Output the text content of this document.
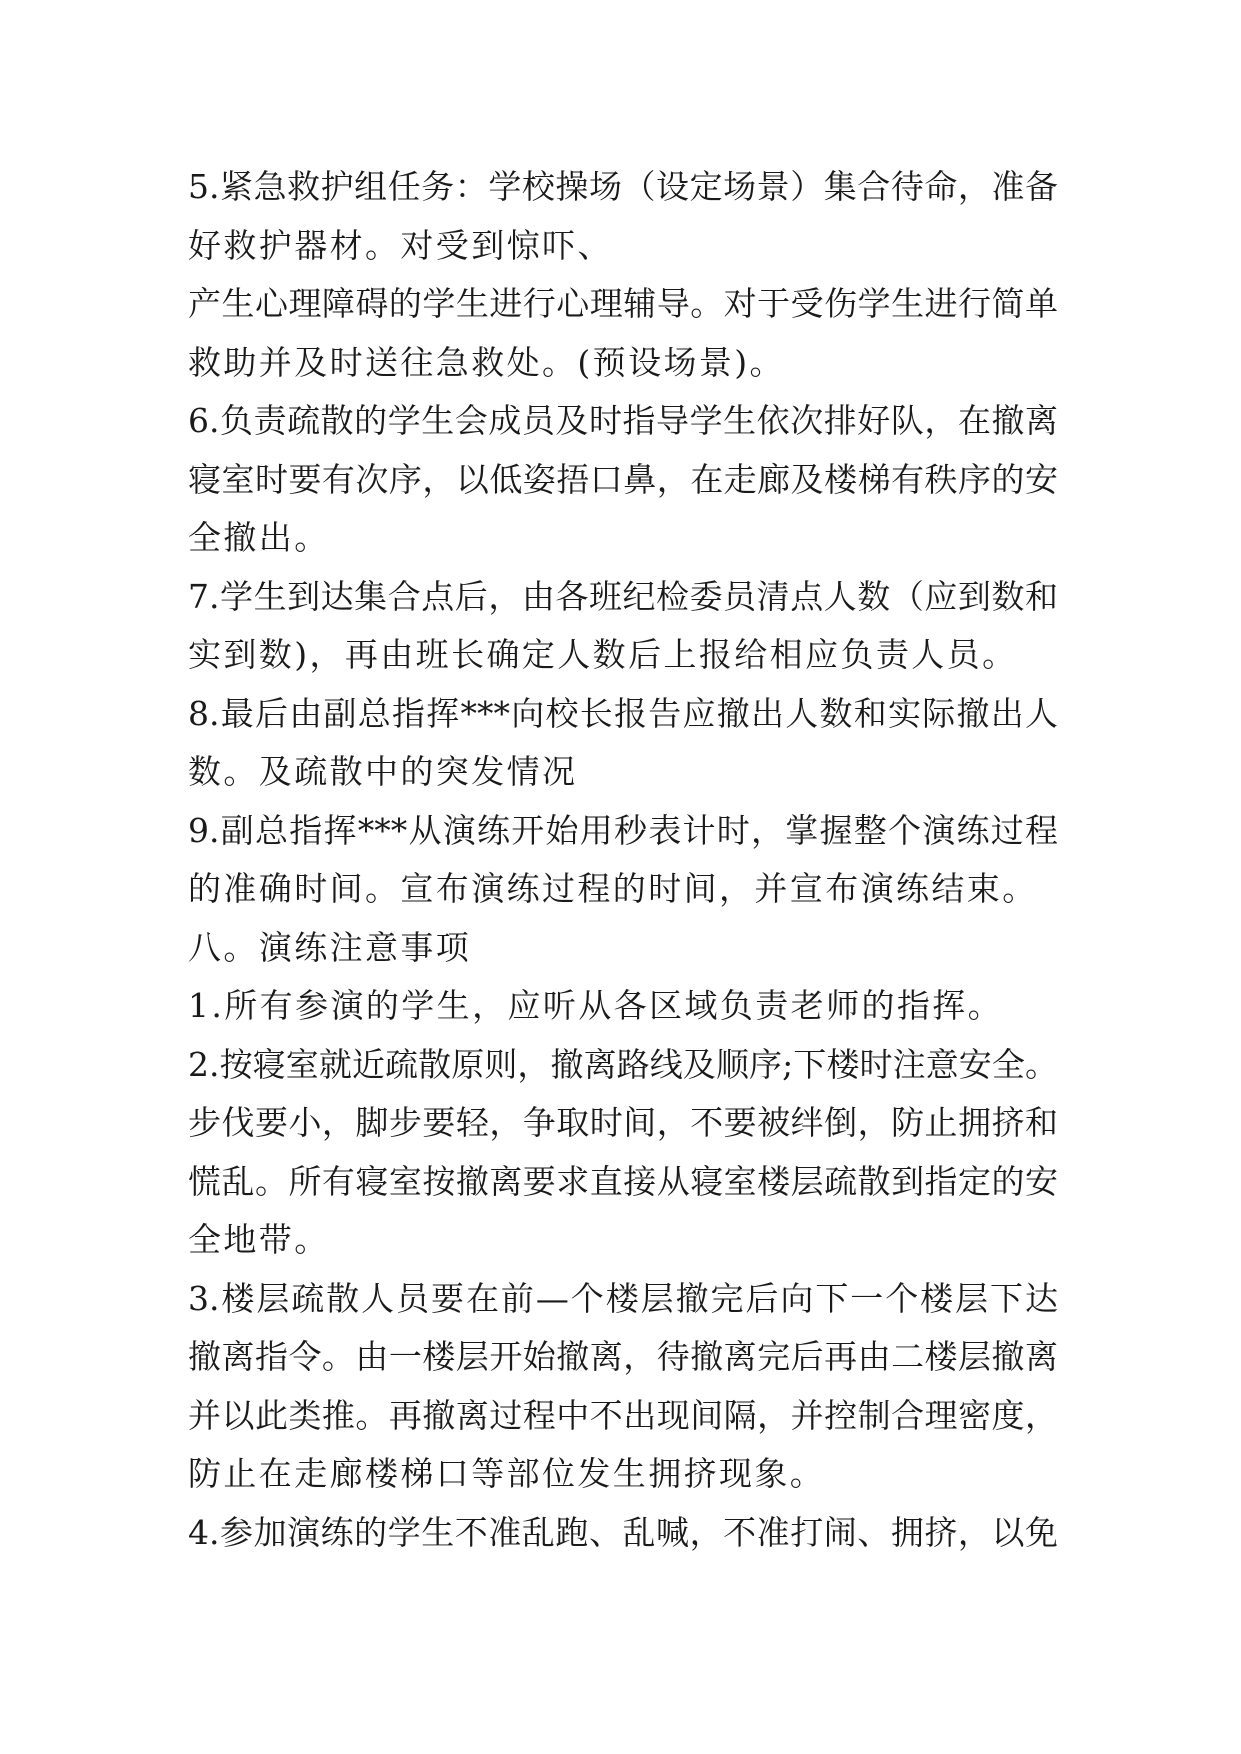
5.紧急救护组任务：学校操场（设定场景）集合待命，准备
好救护器材。对受到惊吓、
产生心理障碍的学生进行心理辅导。对于受伤学生进行简单
救助并及时送往急救处。(预设场景)。
6.负责疏散的学生会成员及时指导学生依次排好队，在撤离
寝室时要有次序，以低姿捂口鼻，在走廊及楼梯有秩序的安
全撤出。
7.学生到达集合点后，由各班纪检委员清点人数（应到数和
实到数)，再由班长确定人数后上报给相应负责人员。
8.最后由副总指挥***向校长报告应撤出人数和实际撤出人
数。及疏散中的突发情况
9.副总指挥***从演练开始用秒表计时，掌握整个演练过程
的准确时间。宣布演练过程的时间，并宣布演练结束。
八。演练注意事项
1.所有参演的学生，应听从各区域负责老师的指挥。
2.按寝室就近疏散原则，撤离路线及顺序;下楼时注意安全。
步伐要小，脚步要轻，争取时间，不要被绊倒，防止拥挤和
慌乱。所有寝室按撤离要求直接从寝室楼层疏散到指定的安
全地带。
3.楼层疏散人员要在前—个楼层撤完后向下一个楼层下达
撤离指令。由一楼层开始撤离，待撤离完后再由二楼层撤离
并以此类推。再撤离过程中不出现间隔，并控制合理密度，
防止在走廊楼梯口等部位发生拥挤现象。
4.参加演练的学生不准乱跑、乱喊，不准打闹、拥挤，以免
